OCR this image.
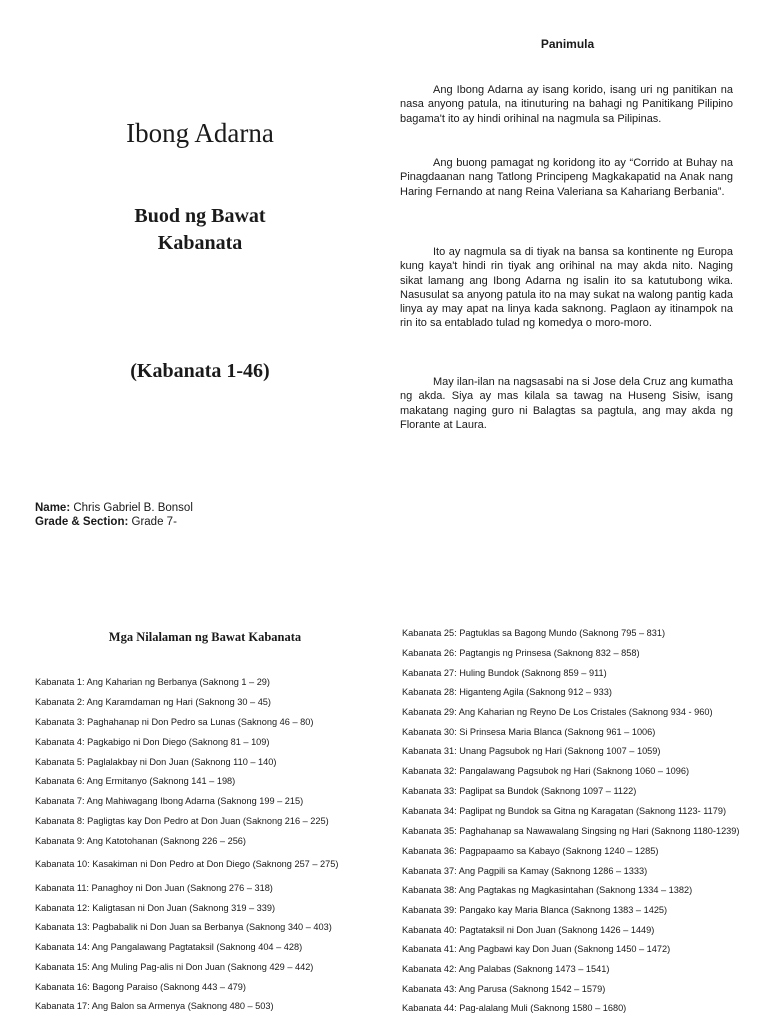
Ibong Adarna
Buod ng Bawat
Kabanata
(Kabanata 1-46)
Name: Chris Gabriel B. Bonsol
Grade & Section: Grade 7-
Panimula

Ang Ibong Adarna ay isang korido, isang uri ng panitikan na nasa anyong patula, na itinuturing na bahagi ng Panitikang Pilipino bagama't ito ay hindi orihinal na nagmula sa Pilipinas.

Ang buong pamagat ng koridong ito ay “Corrido at Buhay na Pinagdaanan nang Tatlong Principeng Magkakapatid na Anak nang Haring Fernando at nang Reina Valeriana sa Kahariang Berbania”.

Ito ay nagmula sa di tiyak na bansa sa kontinente ng Europa kung kaya't hindi rin tiyak ang orihinal na may akda nito. Naging sikat lamang ang Ibong Adarna ng isalin ito sa katutubong wika. Nasusulat sa anyong patula ito na may sukat na walong pantig kada linya ay may apat na linya kada saknong. Paglaon ay itinampok na rin ito sa entablado tulad ng komedya o moro-moro.

May ilan-ilan na nagsasabi na si Jose dela Cruz ang kumatha ng akda. Siya ay mas kilala sa tawag na Huseng Sisiw, isang makatang naging guro ni Balagtas sa pagtula, ang may akda ng Florante at Laura.

Mga Nilalaman ng Bawat Kabanata
Kabanata 1: Ang Kaharian ng Berbanya (Saknong 1 – 29)
Kabanata 2: Ang Karamdaman ng Hari (Saknong 30 – 45)
Kabanata 3: Paghahanap ni Don Pedro sa Lunas (Saknong 46 – 80)
Kabanata 4: Pagkabigo ni Don Diego (Saknong 81 – 109)
Kabanata 5: Paglalakbay ni Don Juan (Saknong 110 – 140)
Kabanata 6: Ang Ermitanyo (Saknong 141 – 198)
Kabanata 7: Ang Mahiwagang Ibong Adarna (Saknong 199 – 215)
Kabanata 8: Pagligtas kay Don Pedro at Don Juan (Saknong 216 – 225)
Kabanata 9: Ang Katotohanan (Saknong 226 – 256)
Kabanata 10: Kasakiman ni Don Pedro at Don Diego (Saknong 257 – 275)
Kabanata 11: Panaghoy ni Don Juan (Saknong 276 – 318)
Kabanata 12: Kaligtasan ni Don Juan (Saknong 319 – 339)
Kabanata 13: Pagbabalik ni Don Juan sa Berbanya (Saknong 340 – 403)
Kabanata 14: Ang Pangalawang Pagtataksil (Saknong 404 – 428)
Kabanata 15: Ang Muling Pag-alis ni Don Juan (Saknong 429 – 442)
Kabanata 16: Bagong Paraiso (Saknong 443 – 479)
Kabanata 17: Ang Balon sa Armenya (Saknong 480 – 503)
Kabanata 25: Pagtuklas sa Bagong Mundo (Saknong 795 – 831)
Kabanata 26: Pagtangis ng Prinsesa (Saknong 832 – 858)
Kabanata 27: Huling Bundok (Saknong 859 – 911)
Kabanata 28: Higanteng Agila (Saknong 912 – 933)
Kabanata 29: Ang Kaharian ng Reyno De Los Cristales (Saknong 934 - 960)
Kabanata 30: Si Prinsesa Maria Blanca (Saknong 961 – 1006)
Kabanata 31: Unang Pagsubok ng Hari (Saknong 1007 – 1059)
Kabanata 32: Pangalawang Pagsubok ng Hari (Saknong 1060 – 1096)
Kabanata 33: Paglipat sa Bundok (Saknong 1097 – 1122)
Kabanata 34: Paglipat ng Bundok sa Gitna ng Karagatan (Saknong 1123- 1179)
Kabanata 35: Paghahanap sa Nawawalang Singsing ng Hari (Saknong 1180-1239)
Kabanata 36: Pagpapaamo sa Kabayo (Saknong 1240 – 1285)
Kabanata 37: Ang Pagpili sa Kamay (Saknong 1286 – 1333)
Kabanata 38: Ang Pagtakas ng Magkasintahan (Saknong 1334 – 1382)
Kabanata 39: Pangako kay Maria Blanca (Saknong 1383 – 1425)
Kabanata 40: Pagtataksil ni Don Juan (Saknong 1426 – 1449)
Kabanata 41: Ang Pagbawi kay Don Juan (Saknong 1450 – 1472)
Kabanata 42: Ang Palabas (Saknong 1473 – 1541)
Kabanata 43: Ang Parusa (Saknong 1542 – 1579)
Kabanata 44: Pag-alalang Muli (Saknong 1580 – 1680)
